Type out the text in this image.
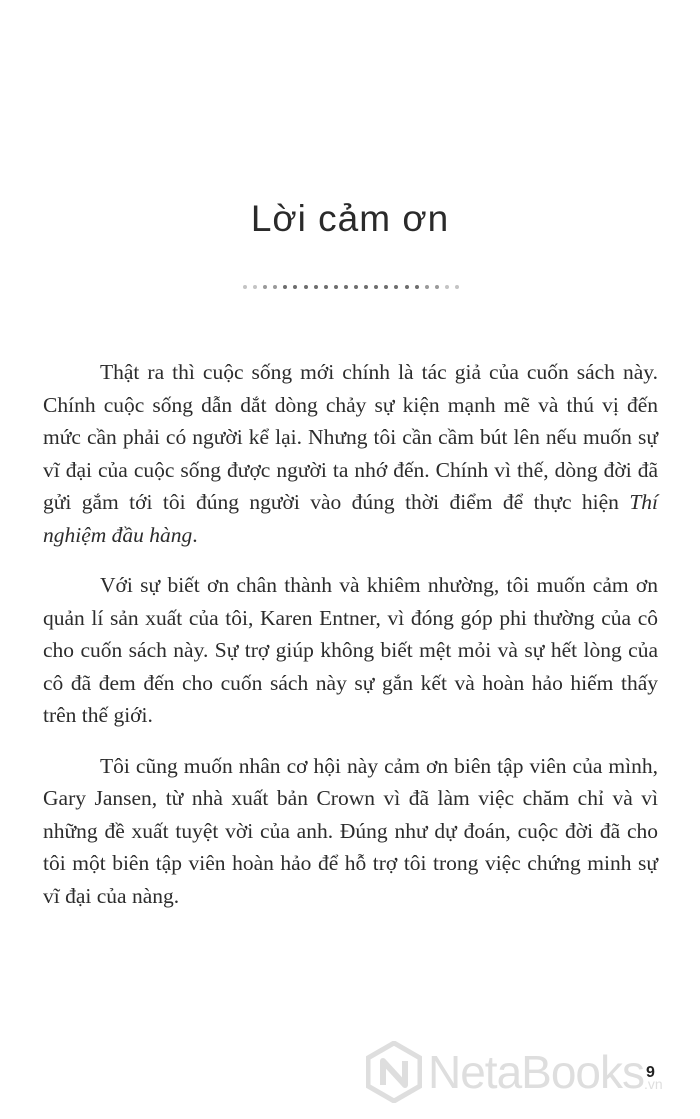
Lời cảm ơn

Thật ra thì cuộc sống mới chính là tác giả của cuốn sách này. Chính cuộc sống dẫn dắt dòng chảy sự kiện mạnh mẽ và thú vị đến mức cần phải có người kể lại. Nhưng tôi cần cầm bút lên nếu muốn sự vĩ đại của cuộc sống được người ta nhớ đến. Chính vì thế, dòng đời đã gửi gắm tới tôi đúng người vào đúng thời điểm để thực hiện Thí nghiệm đầu hàng.

Với sự biết ơn chân thành và khiêm nhường, tôi muốn cảm ơn quản lí sản xuất của tôi, Karen Entner, vì đóng góp phi thường của cô cho cuốn sách này. Sự trợ giúp không biết mệt mỏi và sự hết lòng của cô đã đem đến cho cuốn sách này sự gắn kết và hoàn hảo hiếm thấy trên thế giới.

Tôi cũng muốn nhân cơ hội này cảm ơn biên tập viên của mình, Gary Jansen, từ nhà xuất bản Crown vì đã làm việc chăm chỉ và vì những đề xuất tuyệt vời của anh. Đúng như dự đoán, cuộc đời đã cho tôi một biên tập viên hoàn hảo để hỗ trợ tôi trong việc chứng minh sự vĩ đại của nàng.

NetaBooks .vn
9
